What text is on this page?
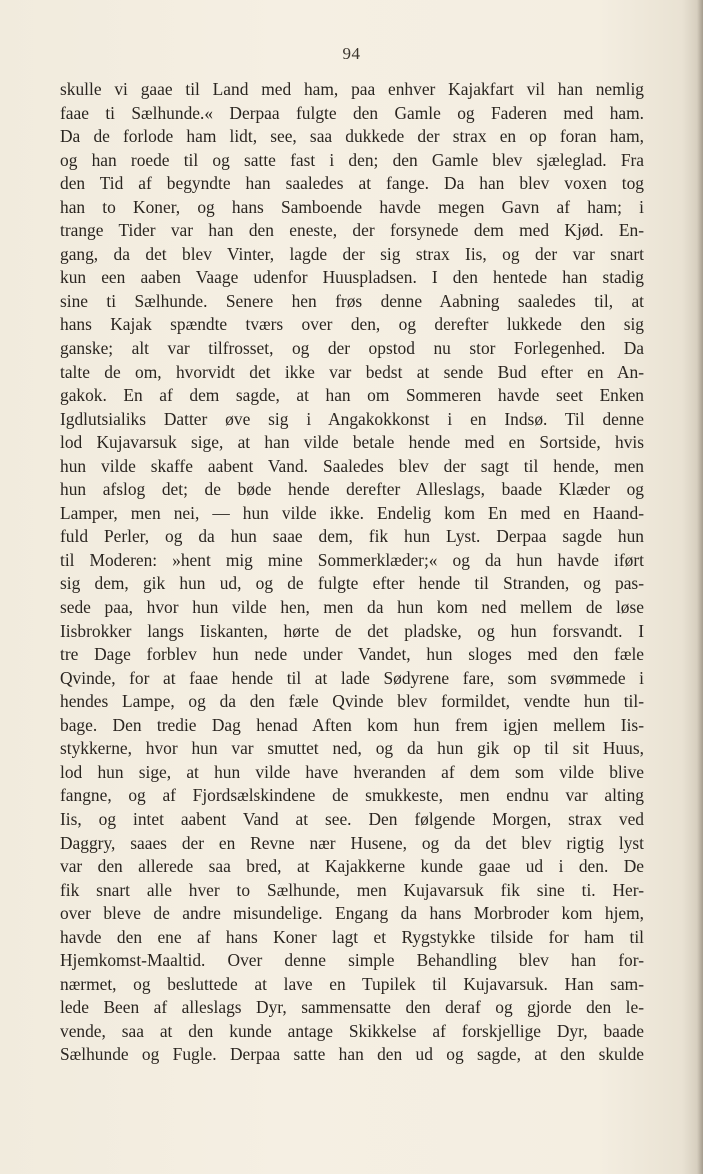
94
skulle vi gaae til Land med ham, paa enhver Kajakfart vil han nemlig
faae ti Sælhunde.« Derpaa fulgte den Gamle og Faderen med ham.
Da de forlode ham lidt, see, saa dukkede der strax en op foran ham,
og han roede til og satte fast i den; den Gamle blev sjæleglad. Fra
den Tid af begyndte han saaledes at fange. Da han blev voxen tog
han to Koner, og hans Samboende havde megen Gavn af ham; i
trange Tider var han den eneste, der forsynede dem med Kjød. En-
gang, da det blev Vinter, lagde der sig strax Iis, og der var snart
kun een aaben Vaage udenfor Huuspladsen. I den hentede han stadig
sine ti Sælhunde. Senere hen frøs denne Aabning saaledes til, at
hans Kajak spændte tværs over den, og derefter lukkede den sig
ganske; alt var tilfrosset, og der opstod nu stor Forlegenhed. Da
talte de om, hvorvidt det ikke var bedst at sende Bud efter en An-
gakok. En af dem sagde, at han om Sommeren havde seet Enken
Igdlutsialiks Datter øve sig i Angakokkonst i en Indsø. Til denne
lod Kujavarsuk sige, at han vilde betale hende med en Sortside, hvis
hun vilde skaffe aabent Vand. Saaledes blev der sagt til hende, men
hun afslog det; de bøde hende derefter Alleslags, baade Klæder og
Lamper, men nei, — hun vilde ikke. Endelig kom En med en Haand-
fuld Perler, og da hun saae dem, fik hun Lyst. Derpaa sagde hun
til Moderen: »hent mig mine Sommerklæder;« og da hun havde iført
sig dem, gik hun ud, og de fulgte efter hende til Stranden, og pas-
sede paa, hvor hun vilde hen, men da hun kom ned mellem de løse
Iisbrokker langs Iiskanten, hørte de det pladske, og hun forsvandt. I
tre Dage forblev hun nede under Vandet, hun sloges med den fæle
Qvinde, for at faae hende til at lade Sødyrene fare, som svømmede i
hendes Lampe, og da den fæle Qvinde blev formildet, vendte hun til-
bage. Den tredie Dag henad Aften kom hun frem igjen mellem Iis-
stykkerne, hvor hun var smuttet ned, og da hun gik op til sit Huus,
lod hun sige, at hun vilde have hveranden af dem som vilde blive
fangne, og af Fjordsælskindene de smukkeste, men endnu var alting
Iis, og intet aabent Vand at see. Den følgende Morgen, strax ved
Daggry, saaes der en Revne nær Husene, og da det blev rigtig lyst
var den allerede saa bred, at Kajakkerne kunde gaae ud i den. De
fik snart alle hver to Sælhunde, men Kujavarsuk fik sine ti. Her-
over bleve de andre misundelige. Engang da hans Morbroder kom hjem,
havde den ene af hans Koner lagt et Rygstykke tilside for ham til
Hjemkomst-Maaltid. Over denne simple Behandling blev han for-
nærmet, og besluttede at lave en Tupilek til Kujavarsuk. Han sam-
lede Been af alleslags Dyr, sammensatte den deraf og gjorde den le-
vende, saa at den kunde antage Skikkelse af forskjellige Dyr, baade
Sælhunde og Fugle. Derpaa satte han den ud og sagde, at den skulde
